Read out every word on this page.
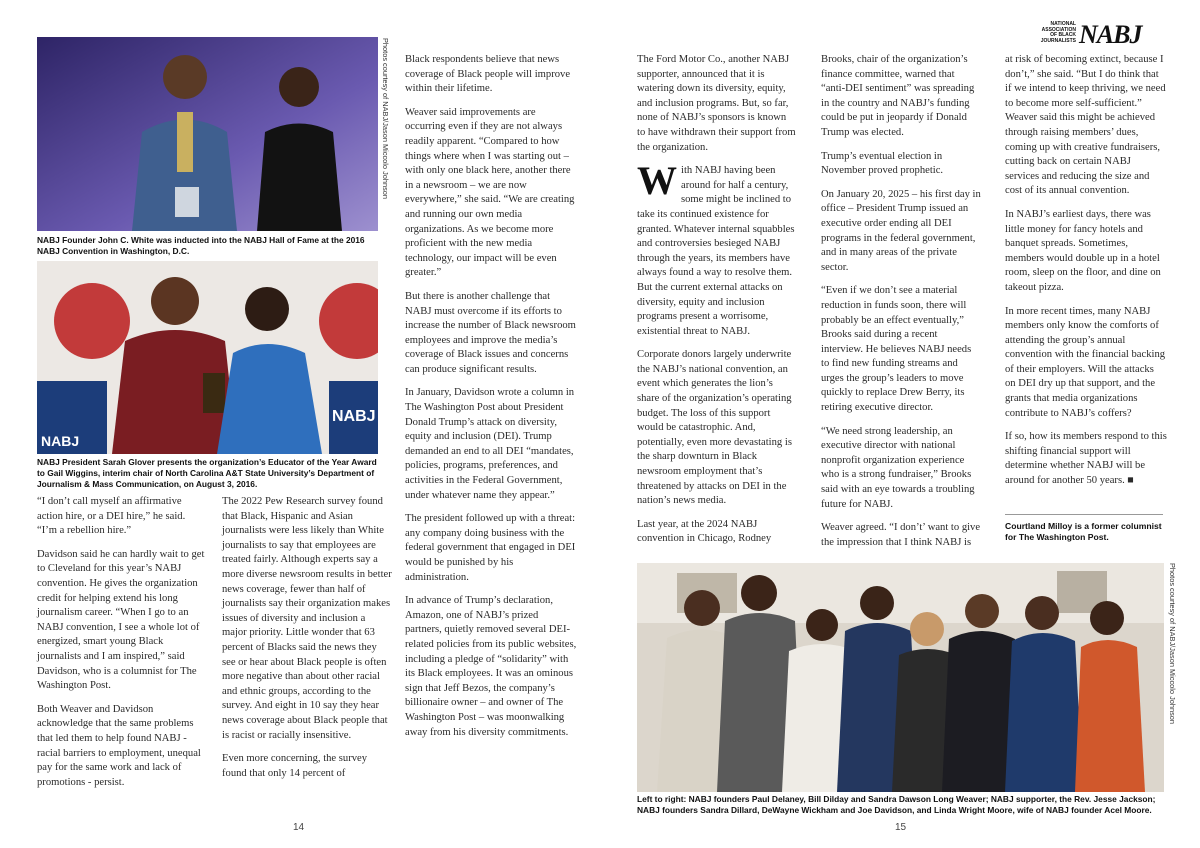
Photos courtesy of NABJ/Jason Miccolo Johnson
NABJ Founder John C. White was inducted into the NABJ Hall of Fame at the 2016 NABJ Convention in Washington, D.C.
NABJ
NABJ
NABJ President Sarah Glover presents the organization’s Educator of the Year Award to Gail Wiggins, interim chair of North Carolina A&T State University’s Department of Journalism & Mass Communication, on August 3, 2016.

“I don’t call myself an affirmative action hire, or a DEI hire,” he said. “I’m a rebellion hire.”

Davidson said he can hardly wait to get to Cleveland for this year’s NABJ convention. He gives the organization credit for helping extend his long journalism career. “When I go to an NABJ convention, I see a whole lot of energized, smart young Black journalists and I am inspired,” said Davidson, who is a columnist for The Washington Post.

Both Weaver and Davidson acknowledge that the same problems that led them to help found NABJ - racial barriers to employment, unequal pay for the same work and lack of promotions - persist.

The 2022 Pew Research survey found that Black, Hispanic and Asian journalists were less likely than White journalists to say that employees are treated fairly. Although experts say a more diverse newsroom results in better news coverage, fewer than half of journalists say their organization makes issues of diversity and inclusion a major priority. Little wonder that 63 percent of Blacks said the news they see or hear about Black people is often more negative than about other racial and ethnic groups, according to the survey. And eight in 10 say they hear news coverage about Black people that is racist or racially insensitive.

Even more concerning, the survey found that only 14 percent of

Black respondents believe that news coverage of Black people will improve within their lifetime.

Weaver said improvements are occurring even if they are not always readily apparent. “Compared to how things where when I was starting out – with only one black here, another there in a newsroom – we are now everywhere,” she said. “We are creating and running our own media organizations. As we become more proficient with the new media technology, our impact will be even greater.”

But there is another challenge that NABJ must overcome if its efforts to increase the number of Black newsroom employees and improve the media’s coverage of Black issues and concerns can produce significant results.

In January, Davidson wrote a column in The Washington Post about President Donald Trump’s attack on diversity, equity and inclusion (DEI). Trump demanded an end to all DEI “mandates, policies, programs, preferences, and activities in the Federal Government, under whatever name they appear.”

The president followed up with a threat: any company doing business with the federal government that engaged in DEI would be punished by his administration.

In advance of Trump’s declaration, Amazon, one of NABJ’s prized partners, quietly removed several DEI-related policies from its public websites, including a pledge of “solidarity” with its Black employees. It was an ominous sign that Jeff Bezos, the company’s billionaire owner – and owner of The Washington Post – was moonwalking away from his diversity commitments.

14
NATIONAL
ASSOCIATION
OF BLACK
JOURNALISTS NABJ

The Ford Motor Co., another NABJ supporter, announced that it is watering down its diversity, equity, and inclusion programs. But, so far, none of NABJ’s sponsors is known to have withdrawn their support from the organization.

With NABJ having been around for half a century, some might be inclined to take its continued existence for granted. Whatever internal squabbles and controversies besieged NABJ through the years, its members have always found a way to resolve them. But the current external attacks on diversity, equity and inclusion programs present a worrisome, existential threat to NABJ.

Corporate donors largely underwrite the NABJ’s national convention, an event which generates the lion’s share of the organization’s operating budget. The loss of this support would be catastrophic. And, potentially, even more devastating is the sharp downturn in Black newsroom employment that’s threatened by attacks on DEI in the nation’s news media.

Last year, at the 2024 NABJ convention in Chicago, Rodney

Brooks, chair of the organization’s finance committee, warned that “anti-DEI sentiment” was spreading in the country and NABJ’s funding could be put in jeopardy if Donald Trump was elected.

Trump’s eventual election in November proved prophetic.

On January 20, 2025 – his first day in office – President Trump issued an executive order ending all DEI programs in the federal government, and in many areas of the private sector.

“Even if we don’t see a material reduction in funds soon, there will probably be an effect eventually,” Brooks said during a recent interview. He believes NABJ needs to find new funding streams and urges the group’s leaders to move quickly to replace Drew Berry, its retiring executive director.

“We need strong leadership, an executive director with national nonprofit organization experience who is a strong fundraiser,” Brooks said with an eye towards a troubling future for NABJ.

Weaver agreed. “I don’t’ want to give the impression that I think NABJ is

at risk of becoming extinct, because I don’t,” she said. “But I do think that if we intend to keep thriving, we need to become more self-sufficient.” Weaver said this might be achieved through raising members’ dues, coming up with creative fundraisers, cutting back on certain NABJ services and reducing the size and cost of its annual convention.

In NABJ’s earliest days, there was little money for fancy hotels and banquet spreads. Sometimes, members would double up in a hotel room, sleep on the floor, and dine on takeout pizza.

In more recent times, many NABJ members only know the comforts of attending the group’s annual convention with the financial backing of their employers. Will the attacks on DEI dry up that support, and the grants that media organizations contribute to NABJ’s coffers?

If so, how its members respond to this shifting financial support will determine whether NABJ will be around for another 50 years. ■

Courtland Milloy is a former columnist for The Washington Post.
Photos courtesy of NABJ/Jason Miccolo Johnson
Left to right: NABJ founders Paul Delaney, Bill Dilday and Sandra Dawson Long Weaver; NABJ supporter, the Rev. Jesse Jackson; NABJ founders Sandra Dillard, DeWayne Wickham and Joe Davidson, and Linda Wright Moore, wife of NABJ founder Acel Moore.
15
